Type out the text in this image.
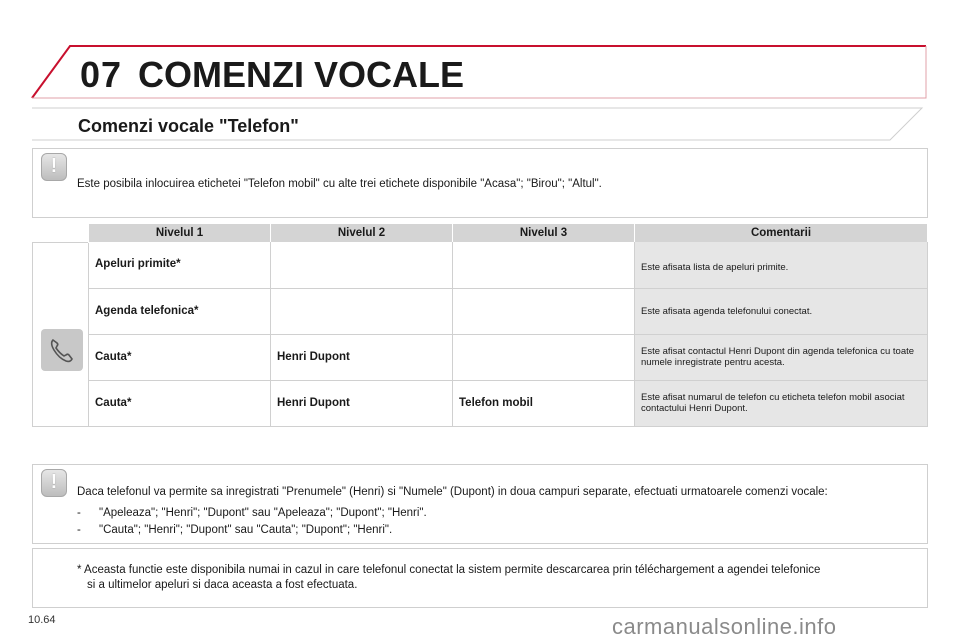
07 COMENZI VOCALE
Comenzi vocale "Telefon"
!
Este posibila inlocuirea etichetei "Telefon mobil" cu alte trei etichete disponibile "Acasa"; "Birou"; "Altul".
	Nivelul 1	Nivelul 2	Nivelul 3	Comentarii

	Apeluri primite*			Este afisata lista de apeluri primite.
	Agenda telefonica*			Este afisata agenda telefonului conectat.
	Cauta*	Henri Dupont		Este afisat contactul Henri Dupont din agenda telefonica cu toate numele inregistrate pentru acesta.
	Cauta*	Henri Dupont	Telefon mobil	Este afisat numarul de telefon cu eticheta telefon mobil asociat contactului Henri Dupont.
!	Daca telefonul va permite sa inregistrati "Prenumele" (Henri) si "Numele" (Dupont) in doua campuri separate, efectuati urmatoarele comenzi vocale:
- "Apeleaza"; "Henri"; "Dupont" sau "Apeleaza"; "Dupont"; "Henri".
- "Cauta"; "Henri"; "Dupont" sau "Cauta"; "Dupont"; "Henri".
* Aceasta functie este disponibila numai in cazul in care telefonul conectat la sistem permite descarcarea prin téléchargement a agendei telefonice
si a ultimelor apeluri si daca aceasta a fost efectuata.
10.64	carmanualsonline.info
